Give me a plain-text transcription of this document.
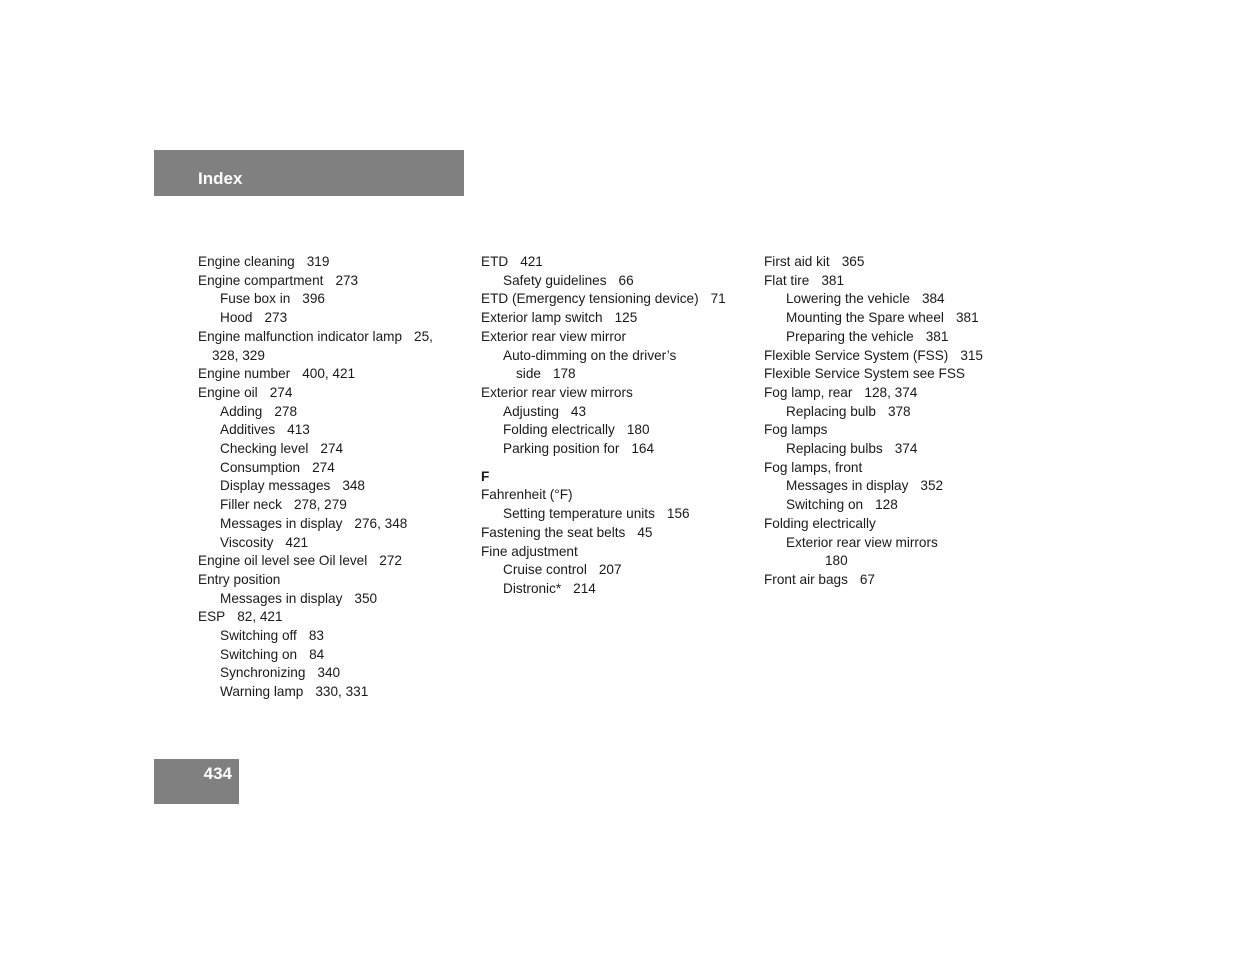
Index
Engine cleaning 319
Engine compartment 273
Fuse box in 396
Hood 273
Engine malfunction indicator lamp 25,
328, 329
Engine number 400, 421
Engine oil 274
Adding 278
Additives 413
Checking level 274
Consumption 274
Display messages 348
Filler neck 278, 279
Messages in display 276, 348
Viscosity 421
Engine oil level see Oil level 272
Entry position
Messages in display 350
ESP 82, 421
Switching off 83
Switching on 84
Synchronizing 340
Warning lamp 330, 331
ETD 421
Safety guidelines 66
ETD (Emergency tensioning device) 71
Exterior lamp switch 125
Exterior rear view mirror
Auto-dimming on the driver’s
side 178
Exterior rear view mirrors
Adjusting 43
Folding electrically 180
Parking position for 164
F
Fahrenheit (°F)
Setting temperature units 156
Fastening the seat belts 45
Fine adjustment
Cruise control 207
Distronic* 214
First aid kit 365
Flat tire 381
Lowering the vehicle 384
Mounting the Spare wheel 381
Preparing the vehicle 381
Flexible Service System (FSS) 315
Flexible Service System see FSS
Fog lamp, rear 128, 374
Replacing bulb 378
Fog lamps
Replacing bulbs 374
Fog lamps, front
Messages in display 352
Switching on 128
Folding electrically
Exterior rear view mirrors
180
Front air bags 67
434
